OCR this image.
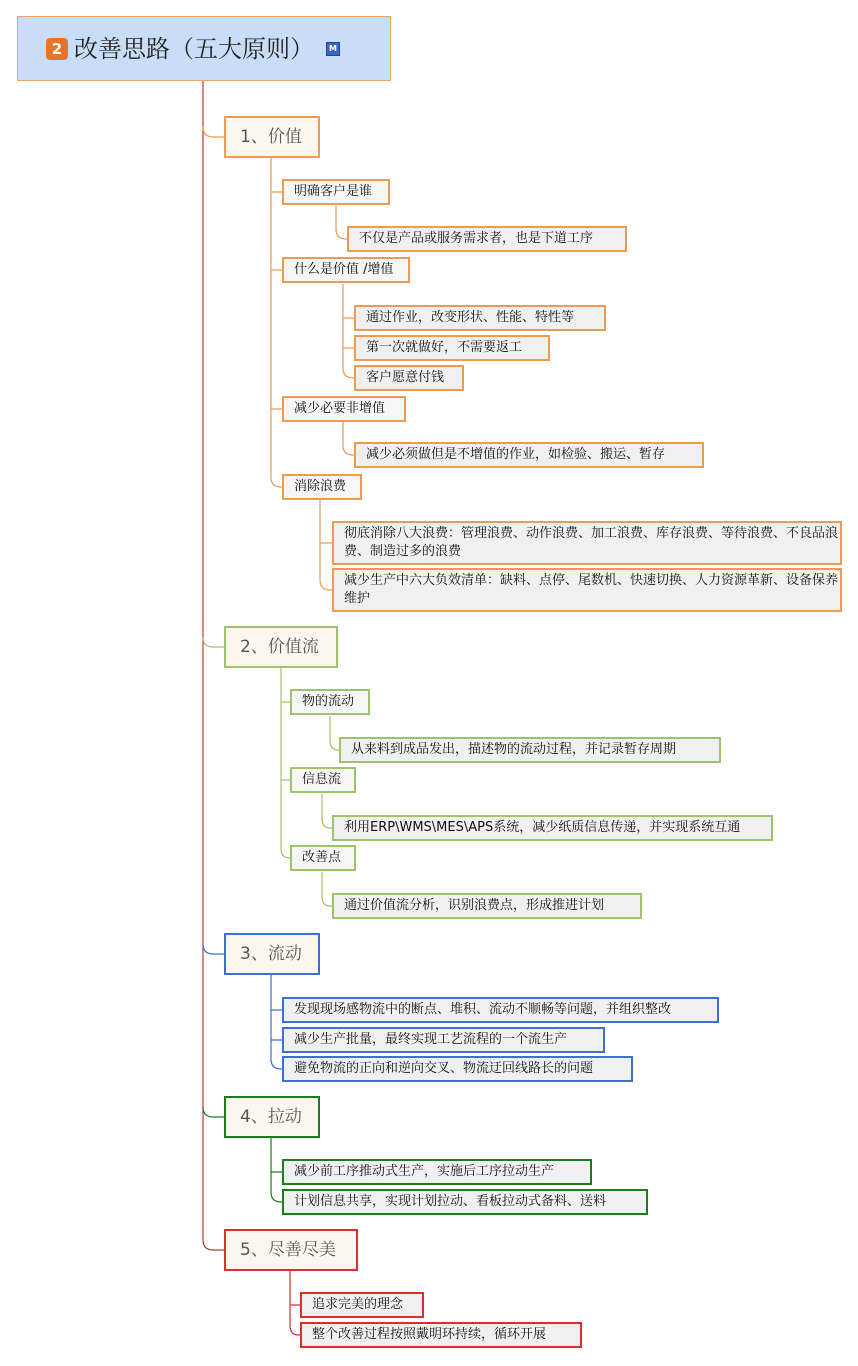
2 改善思路（五大原则）	M
1、价值
明确客户是谁
不仅是产品或服务需求者，也是下道工序
什么是价值 /增值
通过作业，改变形状、性能、特性等
第一次就做好，不需要返工
客户愿意付钱
减少必要非增值
减少必须做但是不增值的作业，如检验、搬运、暂存
消除浪费
彻底消除八大浪费：管理浪费、动作浪费、加工浪费、库存浪费、等待浪费、不良品浪费、制造过多的浪费
减少生产中六大负效清单：缺料、点停、尾数机、快速切换、人力资源革新、设备保养维护
2、价值流
物的流动
从来料到成品发出，描述物的流动过程，并记录暂存周期
信息流
利用ERP\WMS\MES\APS系统，减少纸质信息传递，并实现系统互通
改善点
通过价值流分析，识别浪费点，形成推进计划
3、流动
发现现场感物流中的断点、堆积、流动不顺畅等问题，并组织整改
减少生产批量，最终实现工艺流程的一个流生产
避免物流的正向和逆向交叉、物流迂回线路长的问题
4、拉动
减少前工序推动式生产，实施后工序拉动生产
计划信息共享，实现计划拉动、看板拉动式备料、送料
5、尽善尽美
追求完美的理念
整个改善过程按照戴明环持续，循环开展
